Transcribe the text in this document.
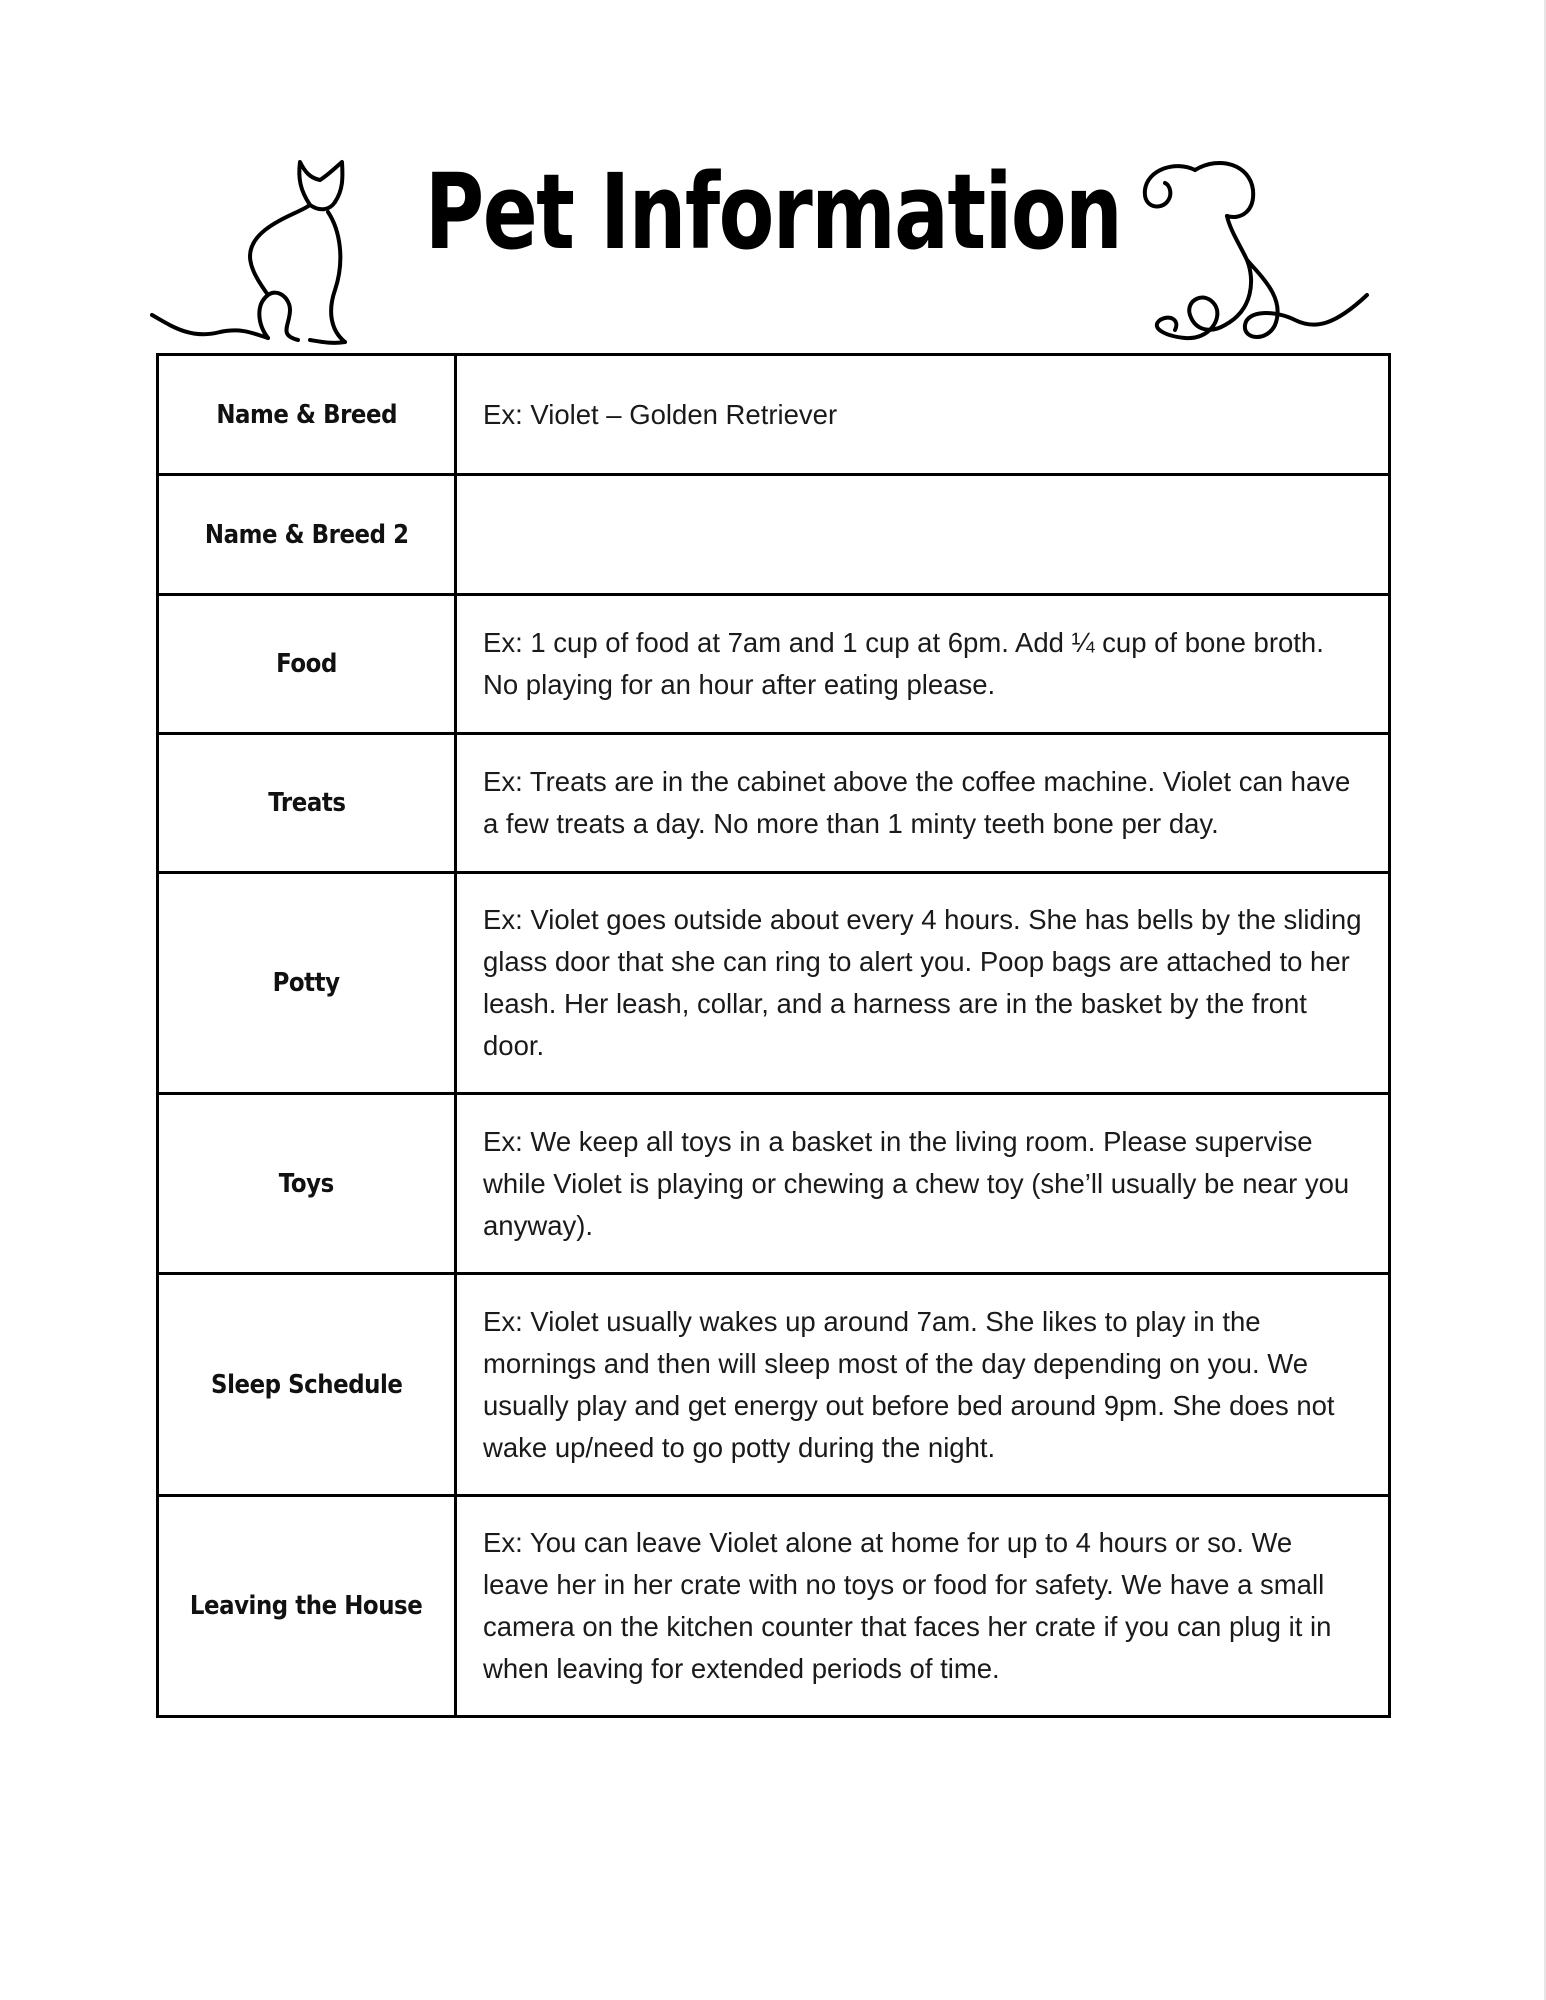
Pet Information
Name & Breed	Ex: Violet – Golden Retriever
Name & Breed 2	
Food	Ex: 1 cup of food at 7am and 1 cup at 6pm. Add ¼ cup of bone broth. No playing for an hour after eating please.
Treats	Ex: Treats are in the cabinet above the coffee machine. Violet can have a few treats a day. No more than 1 minty teeth bone per day.
Potty	Ex: Violet goes outside about every 4 hours. She has bells by the sliding glass door that she can ring to alert you. Poop bags are attached to her leash. Her leash, collar, and a harness are in the basket by the front door.
Toys	Ex: We keep all toys in a basket in the living room. Please supervise while Violet is playing or chewing a chew toy (she’ll usually be near you anyway).
Sleep Schedule	Ex: Violet usually wakes up around 7am. She likes to play in the mornings and then will sleep most of the day depending on you. We usually play and get energy out before bed around 9pm. She does not wake up/need to go potty during the night.
Leaving the House	Ex: You can leave Violet alone at home for up to 4 hours or so. We leave her in her crate with no toys or food for safety. We have a small camera on the kitchen counter that faces her crate if you can plug it in when leaving for extended periods of time.
